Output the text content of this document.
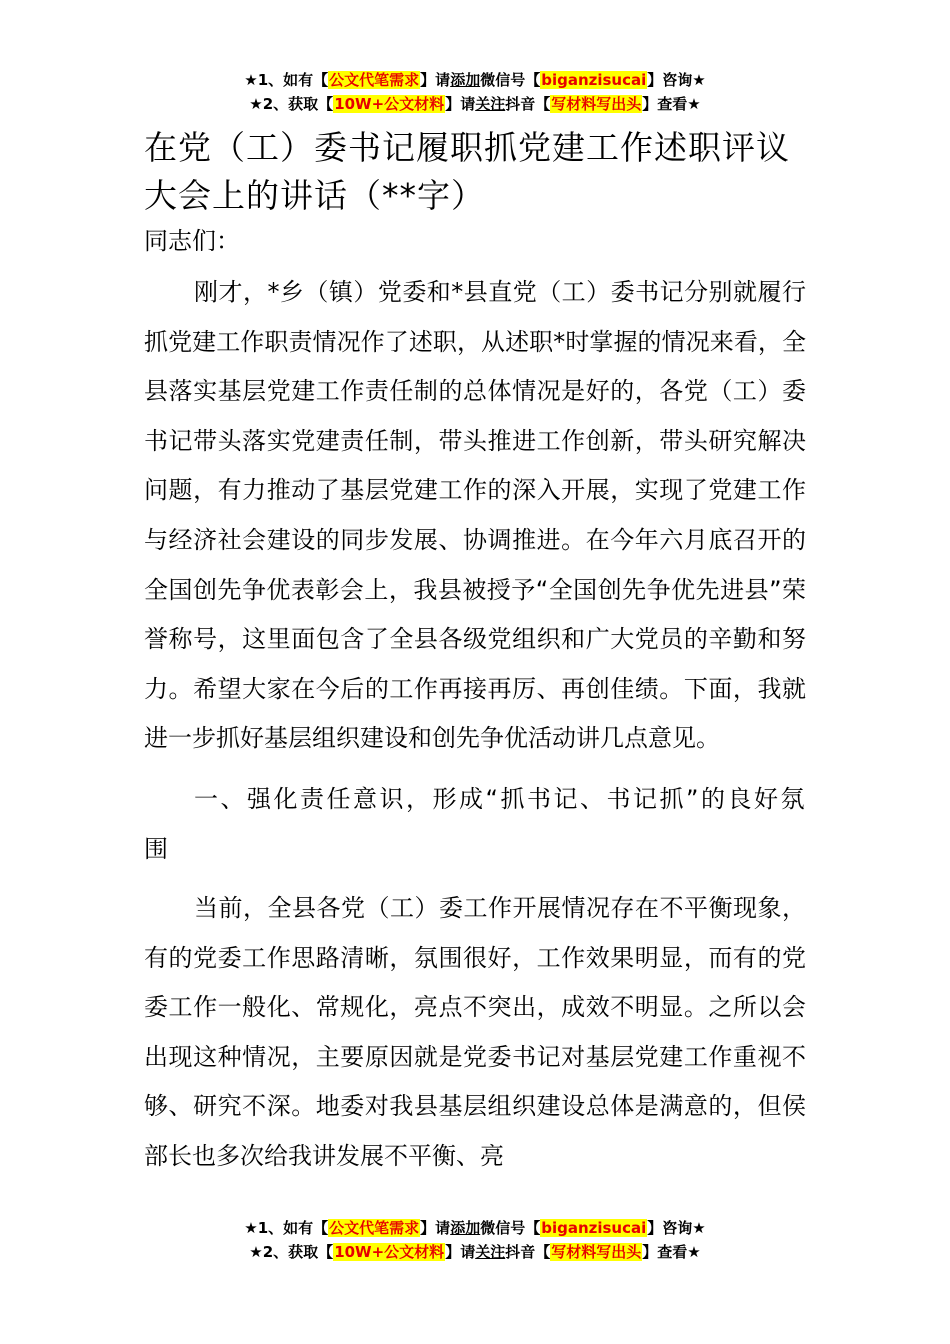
★1、如有【公文代笔需求】请添加微信号【biganzisucai】咨询★
★2、获取【10W+公文材料】请关注抖音【写材料写出头】查看★
在党（工）委书记履职抓党建工作述职评议大会上的讲话（**字）

同志们：

刚才，*乡（镇）党委和*县直党（工）委书记分别就履行抓党建工作职责情况作了述职，从述职*时掌握的情况来看，全县落实基层党建工作责任制的总体情况是好的，各党（工）委书记带头落实党建责任制，带头推进工作创新，带头研究解决问题，有力推动了基层党建工作的深入开展，实现了党建工作与经济社会建设的同步发展、协调推进。在今年六月底召开的全国创先争优表彰会上，我县被授予“全国创先争优先进县”荣誉称号，这里面包含了全县各级党组织和广大党员的辛勤和努力。希望大家在今后的工作再接再厉、再创佳绩。下面，我就进一步抓好基层组织建设和创先争优活动讲几点意见。

一、强化责任意识，形成“抓书记、书记抓”的良好氛围

当前，全县各党（工）委工作开展情况存在不平衡现象，有的党委工作思路清晰，氛围很好，工作效果明显，而有的党委工作一般化、常规化，亮点不突出，成效不明显。之所以会出现这种情况，主要原因就是党委书记对基层党建工作重视不够、研究不深。地委对我县基层组织建设总体是满意的，但侯部长也多次给我讲发展不平衡、亮

★1、如有【公文代笔需求】请添加微信号【biganzisucai】咨询★
★2、获取【10W+公文材料】请关注抖音【写材料写出头】查看★
